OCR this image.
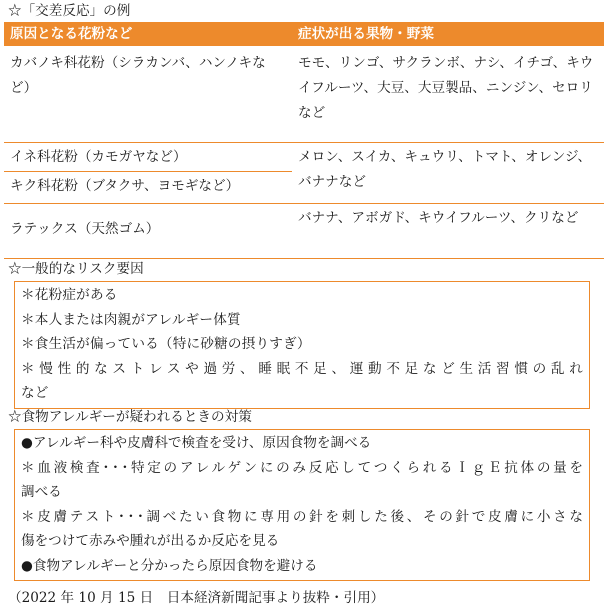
☆「交差反応」の例
原因となる花粉など	症状が出る果物・野菜
カバノキ科花粉（シラカンバ、ハンノキなど）	モモ、リンゴ、サクランボ、ナシ、イチゴ、キウイフルーツ、大豆、大豆製品、ニンジン、セロリなど
イネ科花粉（カモガヤなど）	メロン、スイカ、キュウリ、トマト、オレンジ、バナナなど
キク科花粉（ブタクサ、ヨモギなど）	
ラテックス（天然ゴム）	バナナ、アボガド、キウイフルーツ、クリなど
☆一般的なリスク要因
＊花粉症がある
＊本人または肉親がアレルギー体質
＊食生活が偏っている（特に砂糖の摂りすぎ）
＊慢性的なストレスや過労、睡眠不足、運動不足など生活習慣の乱れ
など
☆食物アレルギーが疑われるときの対策
●アレルギー科や皮膚科で検査を受け、原因食物を調べる
＊血液検査･･･特定のアレルゲンにのみ反応してつくられるＩｇＥ抗体の量を
調べる
＊皮膚テスト･･･調べたい食物に専用の針を刺した後、その針で皮膚に小さな
傷をつけて赤みや腫れが出るか反応を見る
●食物アレルギーと分かったら原因食物を避ける
（2022 年 10 月 15 日　日本経済新聞記事より抜粋・引用）
